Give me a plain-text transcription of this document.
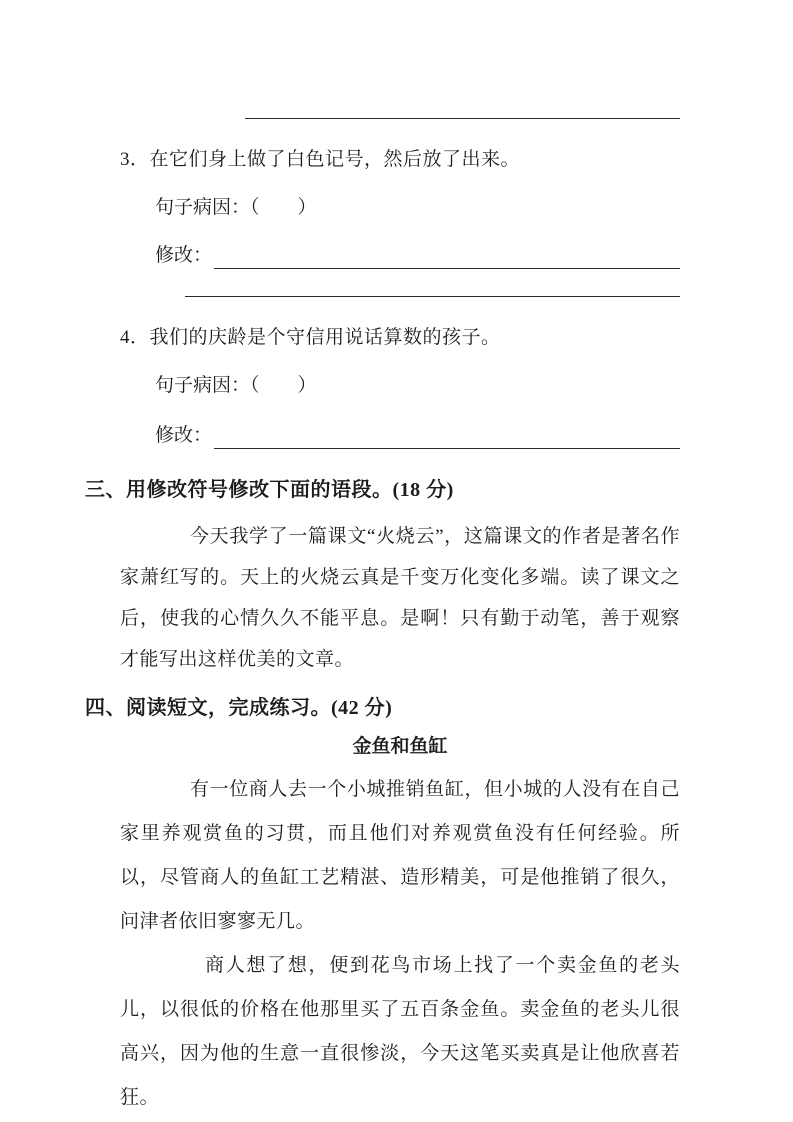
3．在它们身上做了白色记号，然后放了出来。
句子病因：（　　）
修改：
4．我们的庆龄是个守信用说话算数的孩子。
句子病因：（　　）
修改：
三、用修改符号修改下面的语段。(18 分)

今天我学了一篇课文“火烧云”，这篇课文的作者是著名作家萧红写的。天上的火烧云真是千变万化变化多端。读了课文之后，使我的心情久久不能平息。是啊！只有勤于动笔，善于观察才能写出这样优美的文章。

四、阅读短文，完成练习。(42 分)
金鱼和鱼缸

有一位商人去一个小城推销鱼缸，但小城的人没有在自己家里养观赏鱼的习贯，而且他们对养观赏鱼没有任何经验。所以，尽管商人的鱼缸工艺精湛、造形精美，可是他推销了很久，问津者依旧寥寥无几。

商人想了想，便到花鸟市场上找了一个卖金鱼的老头儿，以很低的价格在他那里买了五百条金鱼。卖金鱼的老头儿很高兴，因为他的生意一直很惨淡，今天这笔买卖真是让他欣喜若狂。
